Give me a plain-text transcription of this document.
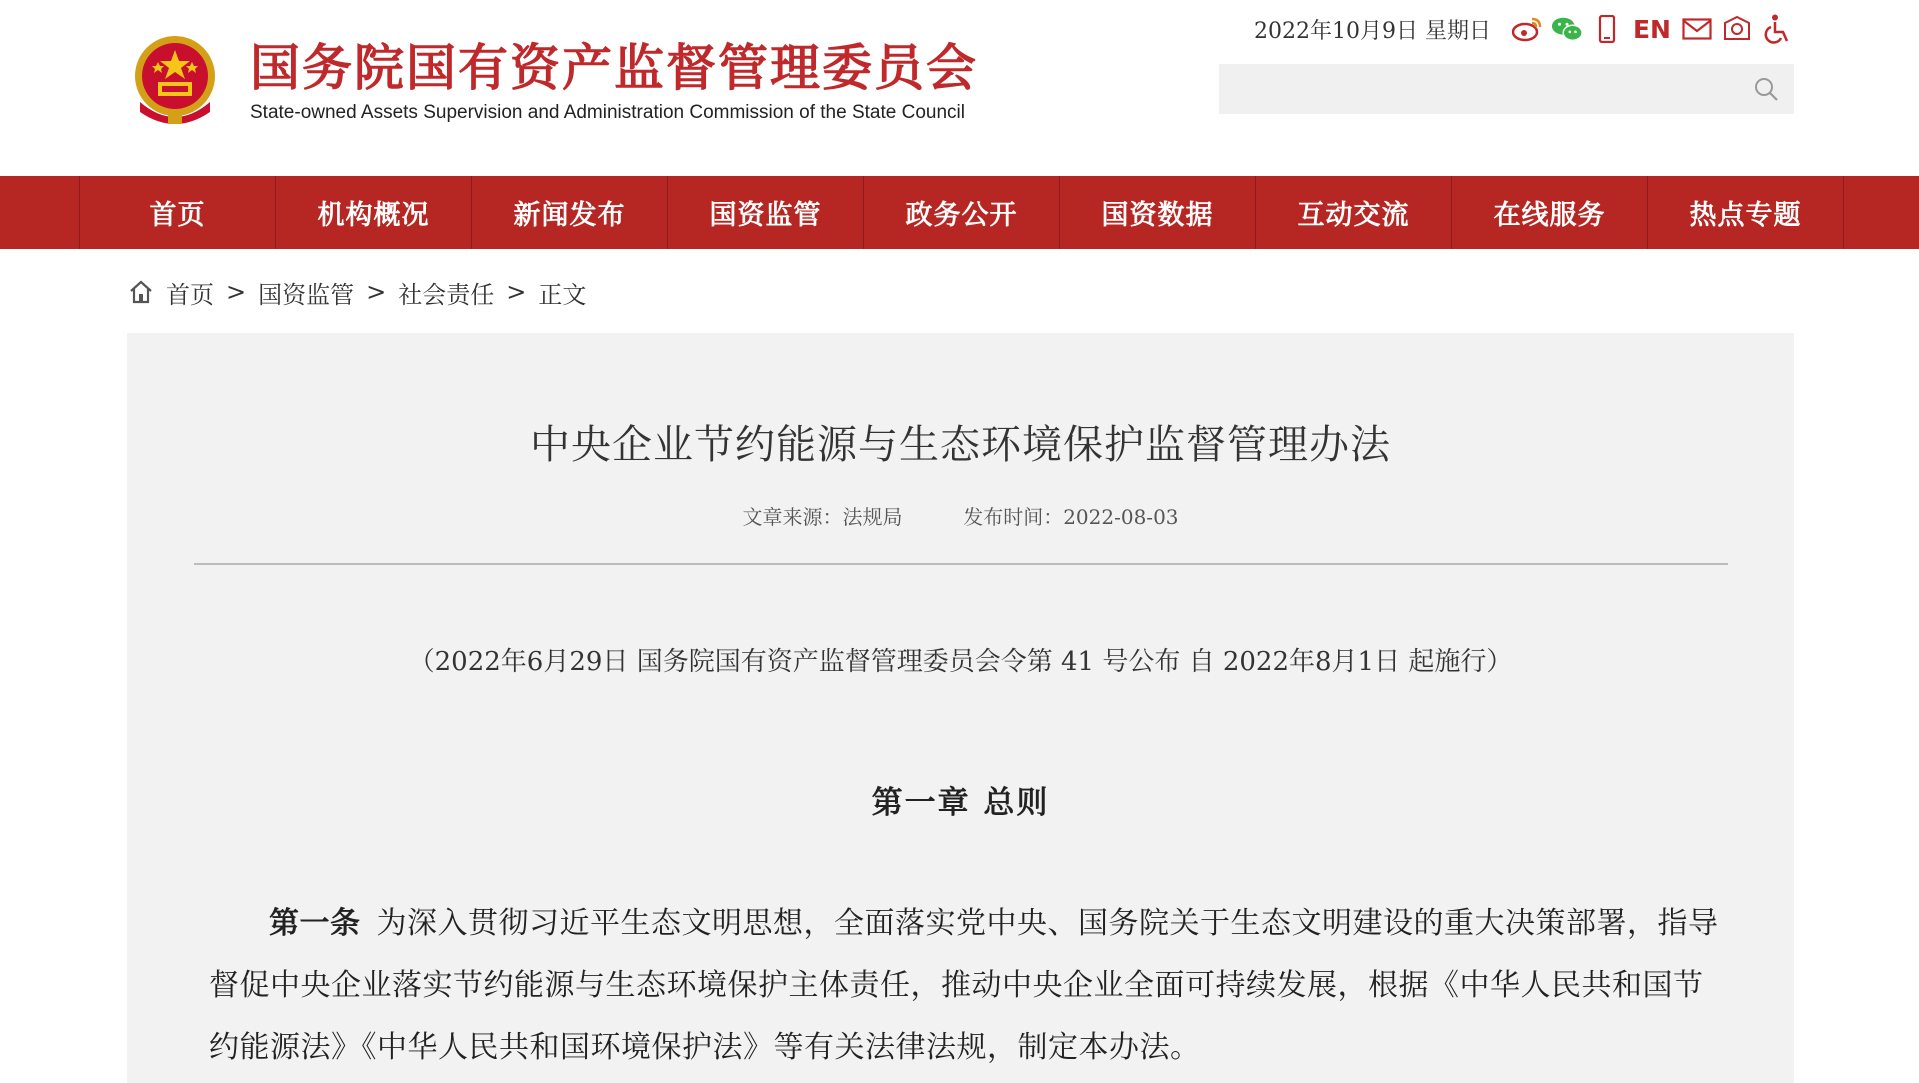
国务院国有资产监督管理委员会
State-owned Assets Supervision and Administration Commission of the State Council
2022年10月9日 星期日	EN
首页	机构概况	新闻发布	国资监管	政务公开	国资数据	互动交流	在线服务	热点专题
首页 > 国资监管 > 社会责任 > 正文
中央企业节约能源与生态环境保护监督管理办法
文章来源：法规局	发布时间：2022-08-03
（2022年6月29日 国务院国有资产监督管理委员会令第 41 号公布 自 2022年8月1日 起施行）
第一章 总则
第一条 为深入贯彻习近平生态文明思想，全面落实党中央、国务院关于生态文明建设的重大决策部署，指导督促中央企业落实节约能源与生态环境保护主体责任，推动中央企业全面可持续发展，根据《中华人民共和国节约能源法》《中华人民共和国环境保护法》等有关法律法规，制定本办法。
